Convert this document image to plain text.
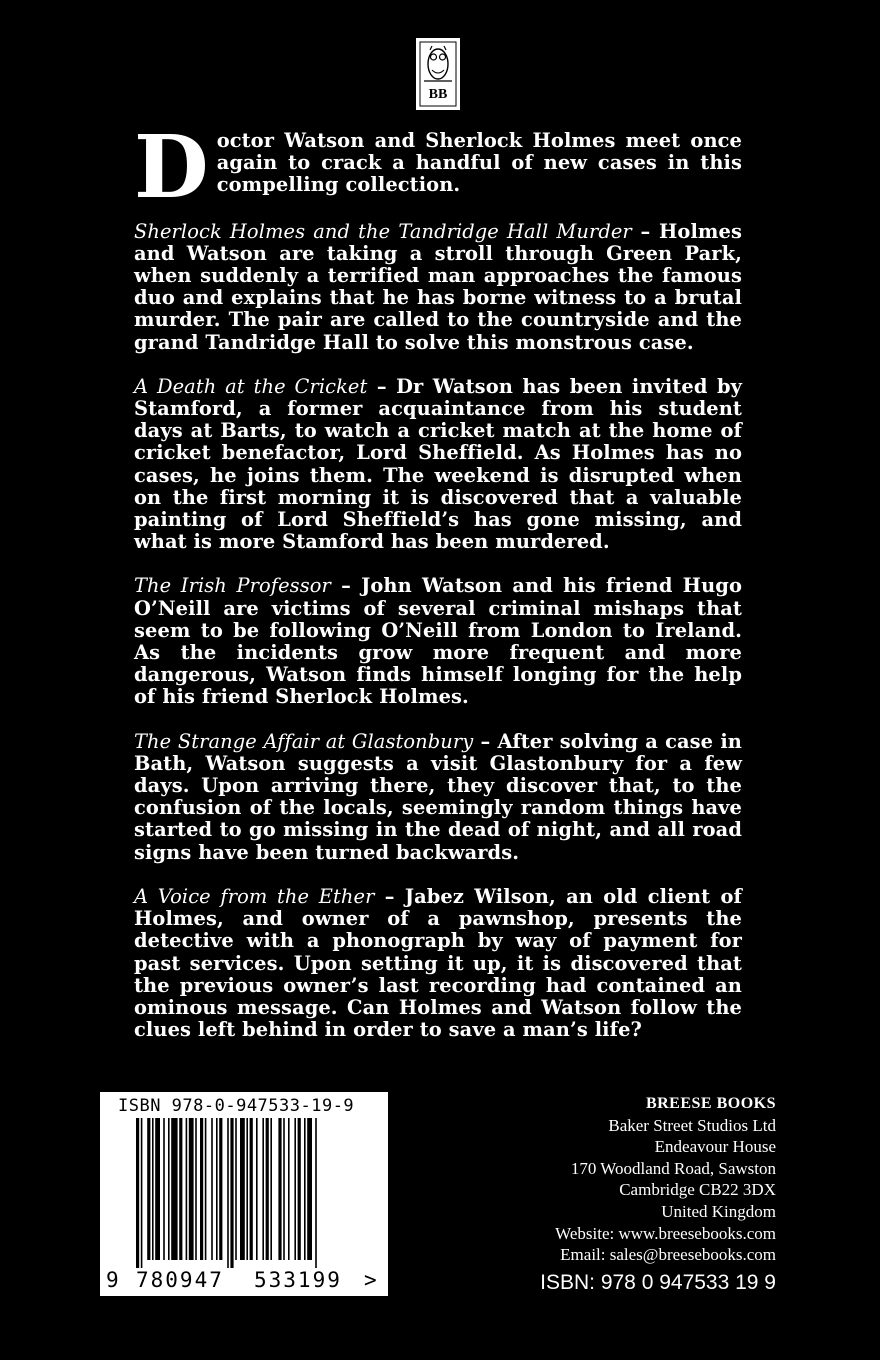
BB

Doctor Watson and Sherlock Holmes meet once again to crack a handful of new cases in this compelling collection.

Sherlock Holmes and the Tandridge Hall Murder – Holmes and Watson are taking a stroll through Green Park, when suddenly a terrified man approaches the famous duo and explains that he has borne witness to a brutal murder. The pair are called to the countryside and the grand Tandridge Hall to solve this monstrous case.

A Death at the Cricket – Dr Watson has been invited by Stamford, a former acquaintance from his student days at Barts, to watch a cricket match at the home of cricket benefactor, Lord Sheffield. As Holmes has no cases, he joins them. The weekend is disrupted when on the first morning it is discovered that a valuable painting of Lord Sheffield’s has gone missing, and what is more Stamford has been murdered.

The Irish Professor – John Watson and his friend Hugo O’Neill are victims of several criminal mishaps that seem to be following O’Neill from London to Ireland. As the incidents grow more frequent and more dangerous, Watson finds himself longing for the help of his friend Sherlock Holmes.

The Strange Affair at Glastonbury – After solving a case in Bath, Watson suggests a visit Glastonbury for a few days. Upon arriving there, they discover that, to the confusion of the locals, seemingly random things have started to go missing in the dead of night, and all road signs have been turned backwards.

A Voice from the Ether – Jabez Wilson, an old client of Holmes, and owner of a pawnshop, presents the detective with a phonograph by way of payment for past services. Upon setting it up, it is discovered that the previous owner’s last recording had contained an ominous message. Can Holmes and Watson follow the clues left behind in order to save a man’s life?

ISBN 978-0-947533-19-9
9 780947	533199	>
BREESE BOOKS
Baker Street Studios Ltd
Endeavour House
170 Woodland Road, Sawston
Cambridge CB22 3DX
United Kingdom
Website: www.breesebooks.com
Email: sales@breesebooks.com
ISBN: 978 0 947533 19 9
